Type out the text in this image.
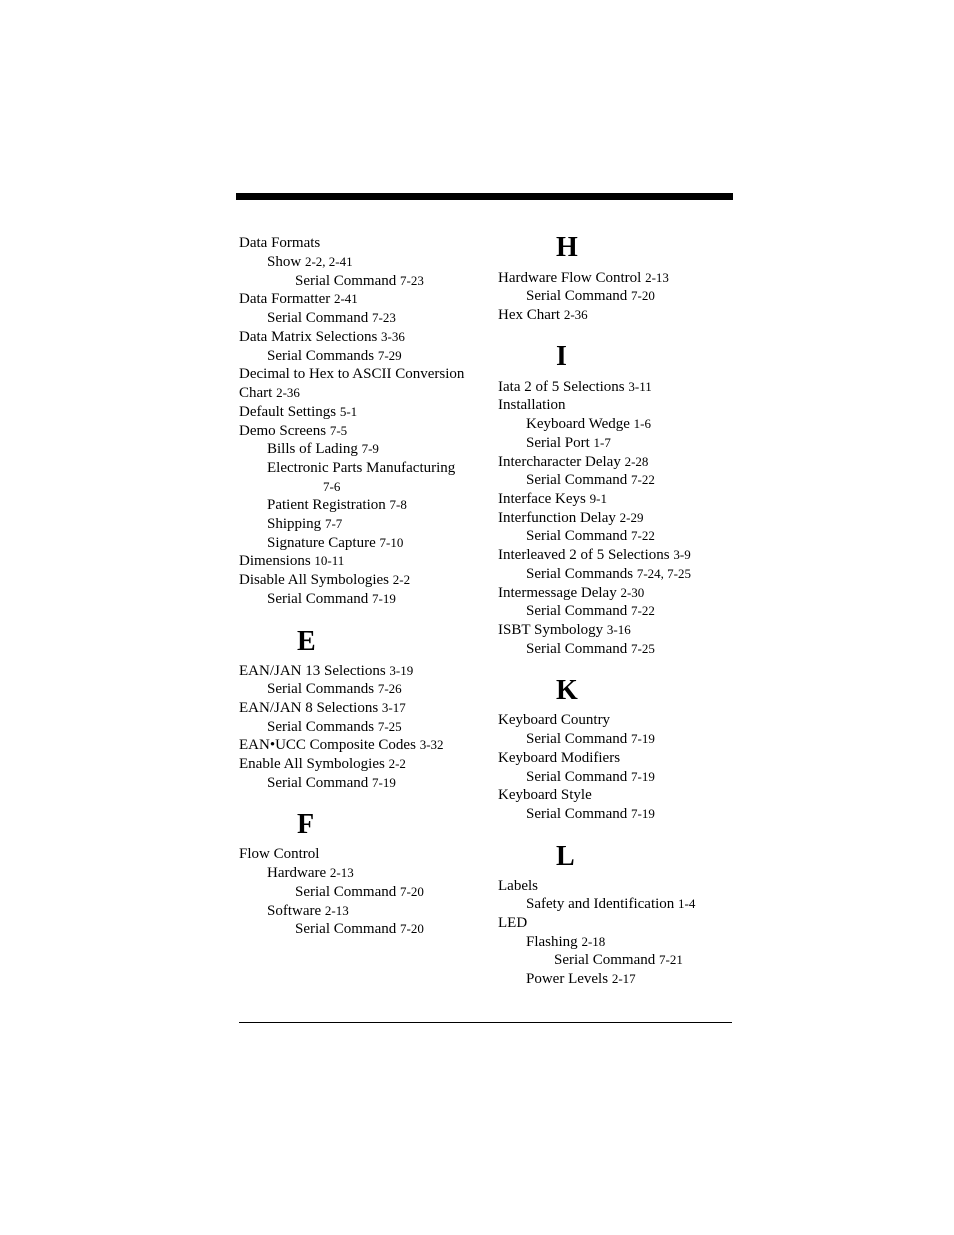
Data Formats
Show 2-2, 2-41
Serial Command 7-23
Data Formatter 2-41
Serial Command 7-23
Data Matrix Selections 3-36
Serial Commands 7-29
Decimal to Hex to ASCII Conversion
Chart 2-36
Default Settings 5-1
Demo Screens 7-5
Bills of Lading 7-9
Electronic Parts Manufacturing
7-6
Patient Registration 7-8
Shipping 7-7
Signature Capture 7-10
Dimensions 10-11
Disable All Symbologies 2-2
Serial Command 7-19
E
EAN/JAN 13 Selections 3-19
Serial Commands 7-26
EAN/JAN 8 Selections 3-17
Serial Commands 7-25
EAN•UCC Composite Codes 3-32
Enable All Symbologies 2-2
Serial Command 7-19
F
Flow Control
Hardware 2-13
Serial Command 7-20
Software 2-13
Serial Command 7-20
H
Hardware Flow Control 2-13
Serial Command 7-20
Hex Chart 2-36
I
Iata 2 of 5 Selections 3-11
Installation
Keyboard Wedge 1-6
Serial Port 1-7
Intercharacter Delay 2-28
Serial Command 7-22
Interface Keys 9-1
Interfunction Delay 2-29
Serial Command 7-22
Interleaved 2 of 5 Selections 3-9
Serial Commands 7-24, 7-25
Intermessage Delay 2-30
Serial Command 7-22
ISBT Symbology 3-16
Serial Command 7-25
K
Keyboard Country
Serial Command 7-19
Keyboard Modifiers
Serial Command 7-19
Keyboard Style
Serial Command 7-19
L
Labels
Safety and Identification 1-4
LED
Flashing 2-18
Serial Command 7-21
Power Levels 2-17
